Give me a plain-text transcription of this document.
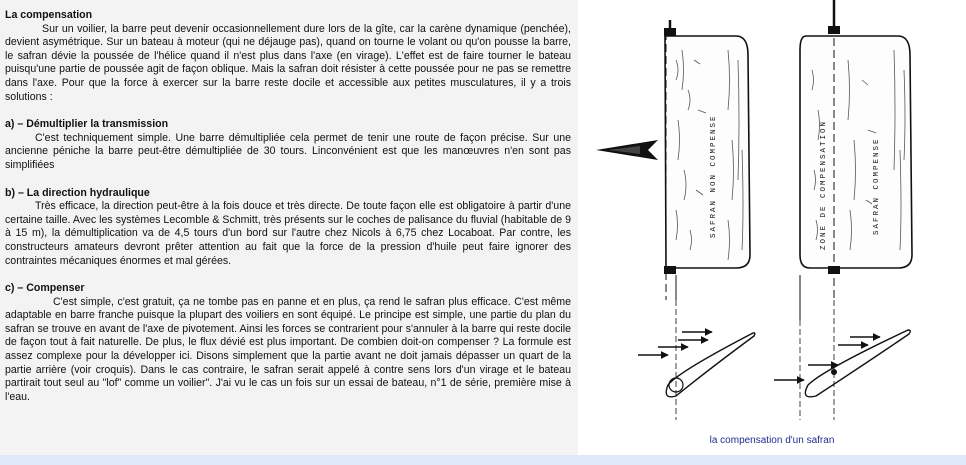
La compensation

Sur un voilier, la barre peut devenir occasionnellement dure lors de la gîte, car la carène dynamique (penchée), devient asymétrique. Sur un bateau à moteur (qui ne déjauge pas), quand on tourne le volant ou qu'on pousse la barre, le safran dévie la poussée de l'hélice quand il n'est plus dans l'axe (en virage). L'effet est de faire tourner le bateau puisqu'une partie de poussée agit de façon oblique. Mais la safran doit résister à cette poussée pour ne pas se remettre dans l'axe. Pour que la force à exercer sur la barre reste docile et accessible aux petites musculatures, il y a trois solutions :

a) – Démultiplier la transmission

C'est techniquement simple. Une barre démultipliée cela permet de tenir une route de façon précise. Sur une ancienne péniche la barre peut-être démultipliée de 30 tours. Linconvénient est que les manœuvres n'en sont pas simplifiées

b) – La direction hydraulique

Très efficace, la direction peut-être à la fois douce et très directe. De toute façon elle est obligatoire à partir d'une certaine taille. Avec les systèmes Lecomble & Schmitt, très présents sur le coches de palisance du fluvial (habitable de 9 à 15 m), la démultiplication va de 4,5 tours d'un bord sur l'autre chez Nicols à 6,75 chez Locaboat. Par contre, les constructeurs amateurs devront prêter attention au fait que la force de la pression d'huile peut faire ignorer des contraintes mécaniques énormes et mal gérées.

c) – Compenser

C'est simple, c'est gratuit, ça ne tombe pas en panne et en plus, ça rend le safran plus efficace. C'est même adaptable en barre franche puisque la plupart des voiliers en sont équipé. Le principe est simple, une partie du plan du safran se trouve en avant de l'axe de pivotement. Ainsi les forces se contrarient pour s'annuler à la barre qui reste docile de façon tout à fait naturelle. De plus, le flux dévié est plus important. De combien doit-on compenser ? La formule est assez complexe pour la développer ici. Disons simplement que la partie avant ne doit jamais dépasser un quart de la partie arrière (voir croquis). Dans le cas contraire, le safran serait appelé à contre sens lors d'un virage et le bateau partirait tout seul au "lof" comme un voilier". J'ai vu le cas un fois sur un essai de bateau, n°1 de série, première mise à l'eau.

SAFRAN NON COMPENSE	ZONE DE COMPENSATION	SAFRAN COMPENSE
la compensation d'un safran
